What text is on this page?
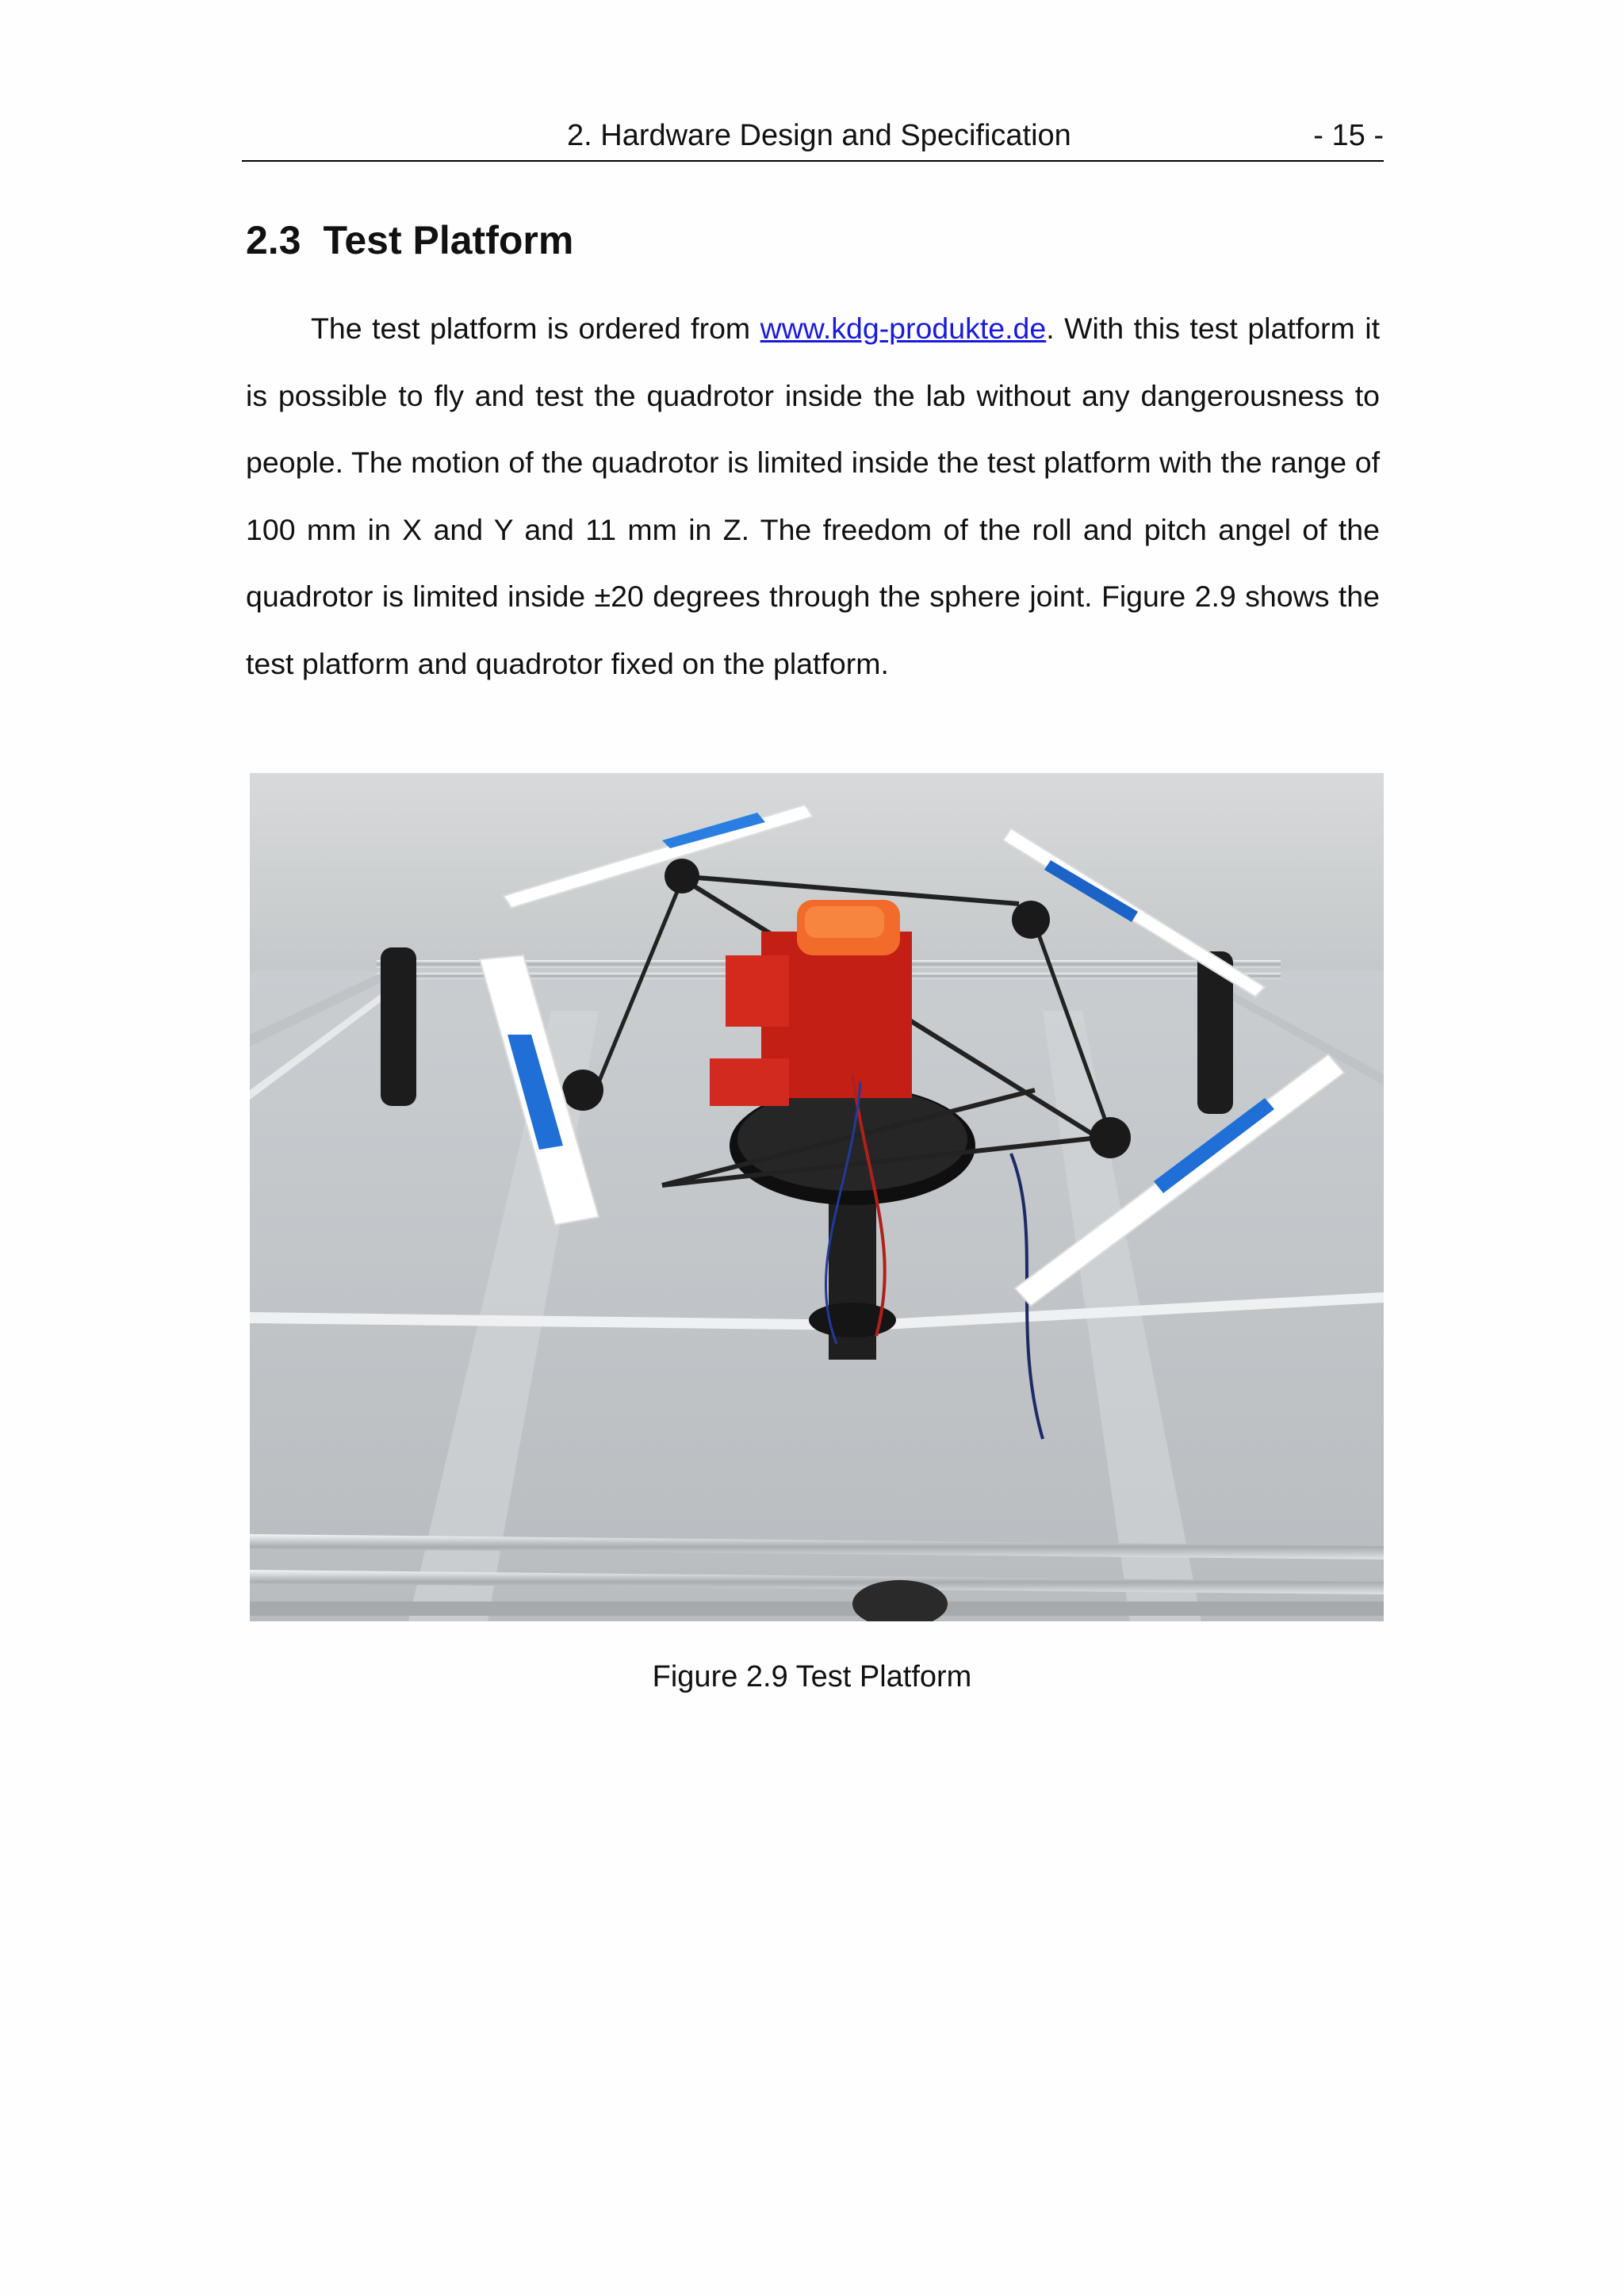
2. Hardware Design and Specification	- 15 -
2.3 Test Platform

The test platform is ordered from www.kdg-produkte.de. With this test platform it is possible to fly and test the quadrotor inside the lab without any dangerousness to people. The motion of the quadrotor is limited inside the test platform with the range of 100 mm in X and Y and 11 mm in Z. The freedom of the roll and pitch angel of the quadrotor is limited inside ±20 degrees through the sphere joint. Figure 2.9 shows the test platform and quadrotor fixed on the platform.

Figure 2.9 Test Platform
